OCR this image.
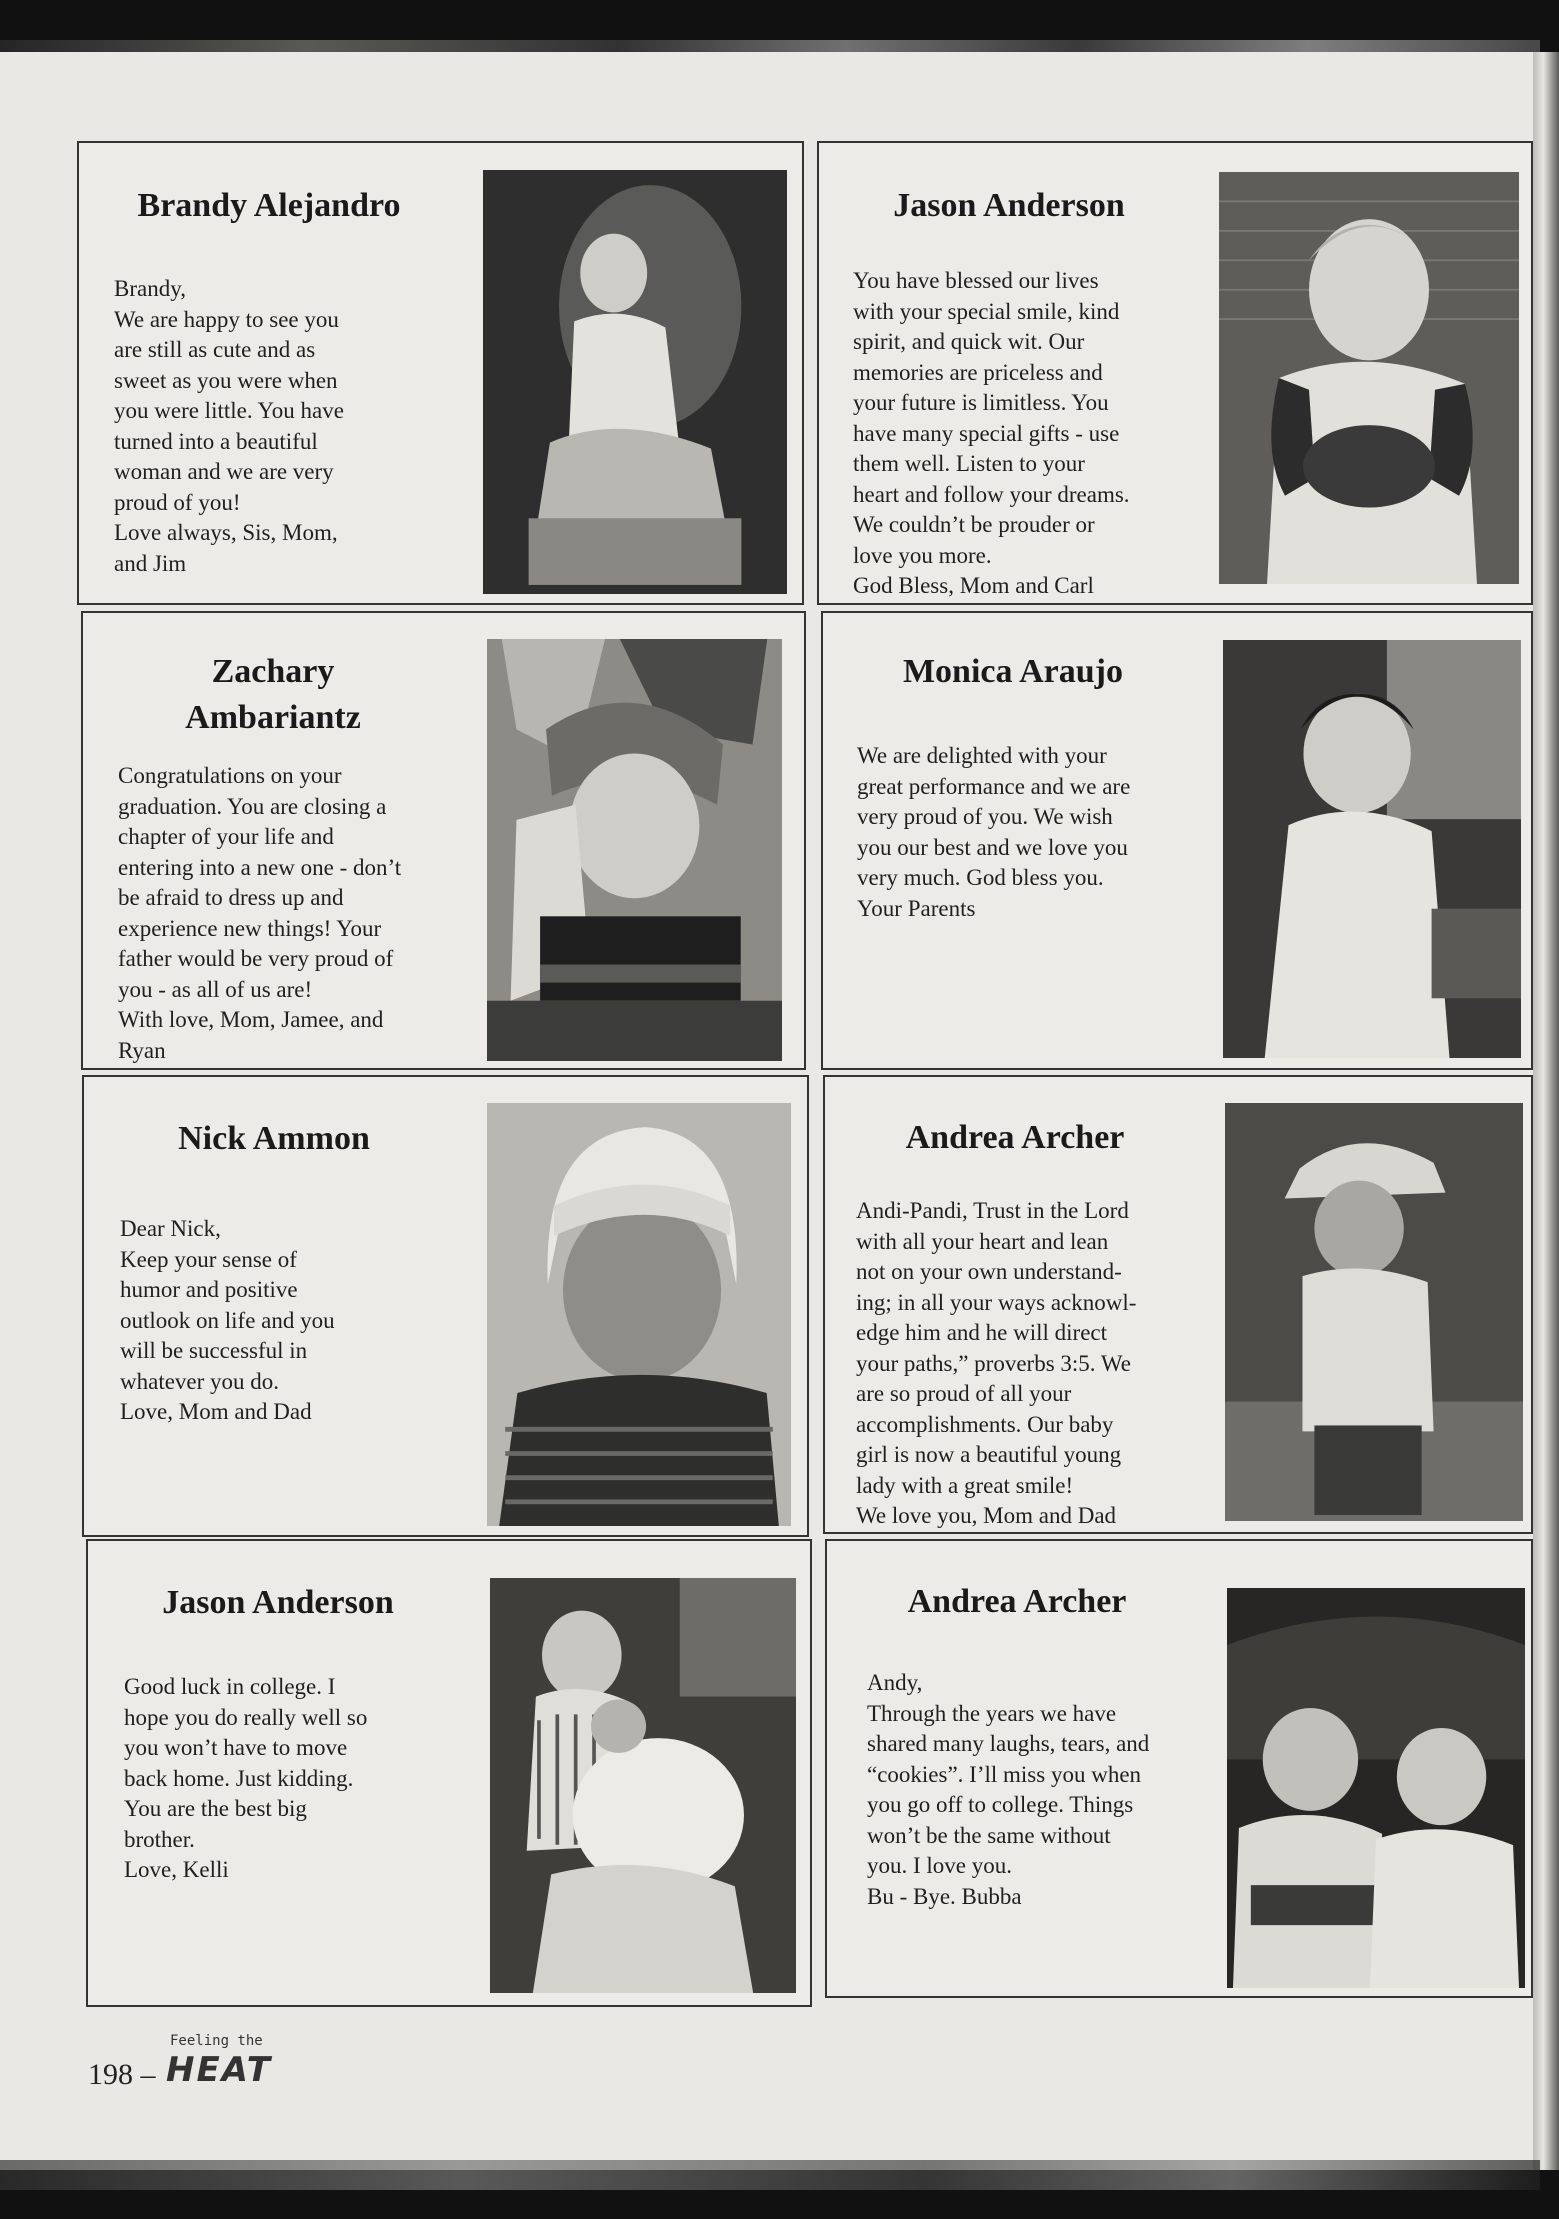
Brandy Alejandro
Brandy,
We are happy to see you
are still as cute and as
sweet as you were when
you were little. You have
turned into a beautiful
woman and we are very
proud of you!
Love always, Sis, Mom,
and Jim
Jason Anderson
You have blessed our lives
with your special smile, kind
spirit, and quick wit. Our
memories are priceless and
your future is limitless. You
have many special gifts - use
them well. Listen to your
heart and follow your dreams.
We couldn’t be prouder or
love you more.
God Bless, Mom and Carl
Zachary
Ambariantz
Congratulations on your
graduation. You are closing a
chapter of your life and
entering into a new one - don’t
be afraid to dress up and
experience new things! Your
father would be very proud of
you - as all of us are!
With love, Mom, Jamee, and
Ryan
Monica Araujo
We are delighted with your
great performance and we are
very proud of you. We wish
you our best and we love you
very much. God bless you.
Your Parents
Nick Ammon
Dear Nick,
Keep your sense of
humor and positive
outlook on life and you
will be successful in
whatever you do.
Love, Mom and Dad
Andrea Archer
Andi-Pandi, Trust in the Lord
with all your heart and lean
not on your own understand-
ing; in all your ways acknowl-
edge him and he will direct
your paths,” proverbs 3:5. We
are so proud of all your
accomplishments. Our baby
girl is now a beautiful young
lady with a great smile!
We love you, Mom and Dad
Jason Anderson
Good luck in college. I
hope you do really well so
you won’t have to move
back home. Just kidding.
You are the best big
brother.
Love, Kelli
Andrea Archer
Andy,
Through the years we have
shared many laughs, tears, and
“cookies”. I’ll miss you when
you go off to college. Things
won’t be the same without
you. I love you.
Bu - Bye. Bubba
198 –
Feeling the
HEAT
